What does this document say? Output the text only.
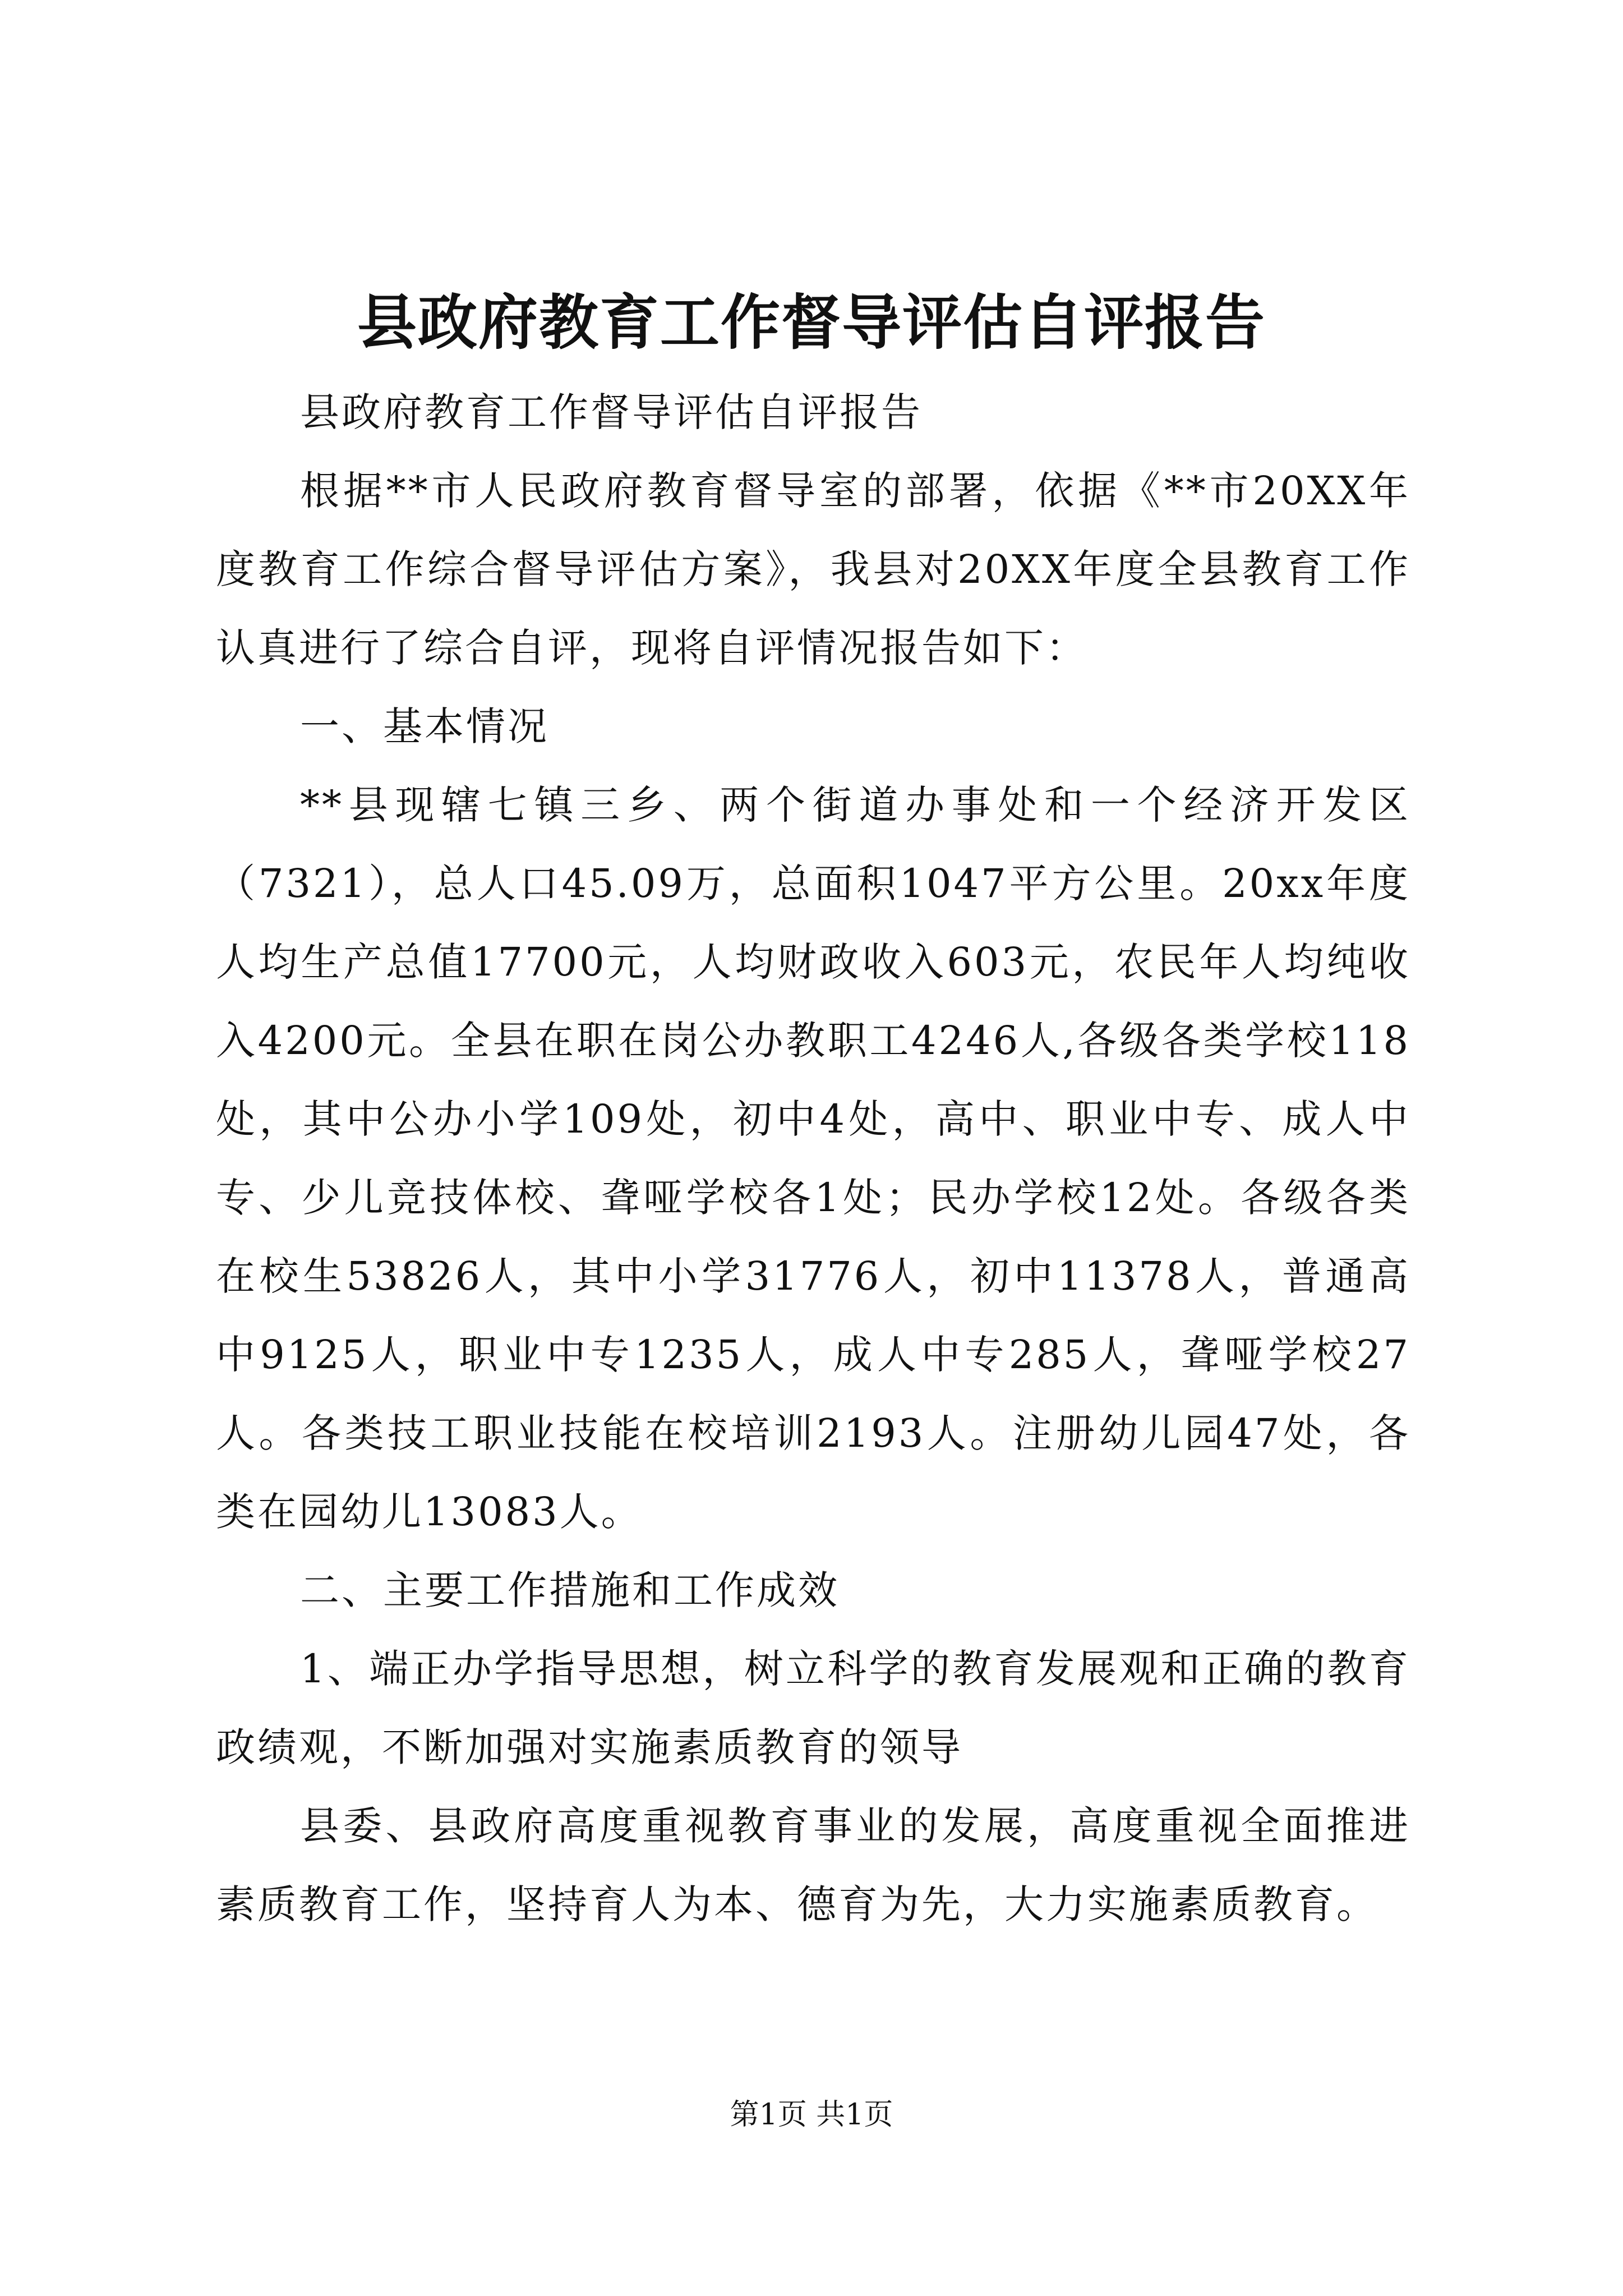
县政府教育工作督导评估自评报告

县政府教育工作督导评估自评报告

根据**市人民政府教育督导室的部署，依据《**市20XX年度教育工作综合督导评估方案》，我县对20XX年度全县教育工作认真进行了综合自评，现将自评情况报告如下：

一、基本情况

**县现辖七镇三乡、两个街道办事处和一个经济开发区（7321），总人口45.09万，总面积1047平方公里。20xx年度人均生产总值17700元，人均财政收入603元，农民年人均纯收入4200元。全县在职在岗公办教职工4246人,各级各类学校118处，其中公办小学109处，初中4处，高中、职业中专、成人中专、少儿竞技体校、聋哑学校各1处；民办学校12处。各级各类在校生53826人，其中小学31776人，初中11378人，普通高中9125人，职业中专1235人，成人中专285人，聋哑学校27人。各类技工职业技能在校培训2193人。注册幼儿园47处，各类在园幼儿13083人。

二、主要工作措施和工作成效

1、端正办学指导思想，树立科学的教育发展观和正确的教育政绩观，不断加强对实施素质教育的领导

县委、县政府高度重视教育事业的发展，高度重视全面推进素质教育工作，坚持育人为本、德育为先，大力实施素质教育。

第1页 共1页
